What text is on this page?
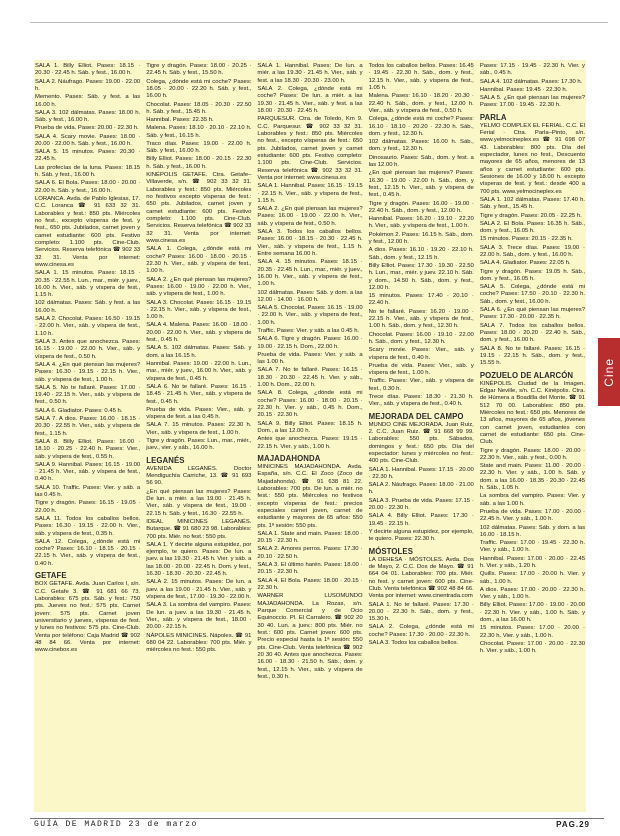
SALA 1. Billy Elliot. Pases: 18.15 · 20.30 · 22.45 h. Sáb. y fest., 16.00 h.

SALA 2. Náufrago. Pases: 19.00 · 22.00 h.

Memento. Pases: Sáb. y fest. a las 16.00 h.

SALA 3. 102 dálmatas. Pases: 18.00 h. Sáb. y fest., 16.00 h.

Prueba de vida. Pases: 20.00 · 22.30 h.

SALA 4. Scary movie. Pases: 18.00 · 20.00 · 22.00 h. Sáb. y fest., 16.00 h.

SALA 5. 15 minutos. Pases: 20.30 · 22.45 h.

Las profecías de la luna. Pases: 18.15 h. Sáb. y fest., 16.00 h.

SALA 6. El Bola. Pases: 18.00 · 20.00 · 22.00 h. Sáb. y fest., 16.00 h.

LORANCA. Avda. de Pablo Iglesias, 17. C.C. Loranca ☎ 91 633 32 31. Laborables y fest.: 850 pts. Miércoles no fest., excepto vísperas de fest. y fest., 650 pts. Jubilados, carnet joven y carnet estudiante: 600 pts. Festivo completo: 1.100 pts. Cine-Club. Servicios. Reserva telefónica ☎ 902 33 32 31. Venta por internet: www.cinesa.es

SALA 1. 15 minutos. Pases: 18.15 · 20.35 · 22.55 h. Lun., mar., miér. y juev., 16.00 h. Vier., sáb. y víspera de fest., 1.15 h.

102 dálmatas. Pases: Sáb. y fest. a las 16.00 h.

SALA 2. Chocolat. Pases: 16.50 · 19.15 · 22.00 h. Vier., sáb. y víspera de fest., 1.10 h.

SALA 3. Antes que anochezca. Pases: 16.15 · 19.00 · 22.00 h. Vier., sáb. y víspera de fest., 0.50 h.

SALA 4. ¿En qué piensan las mujeres? Pases: 16.30 · 19.15 · 22.15 h. Vier., sáb. y víspera de fest., 1.00 h.

SALA 5. No te fallaré. Pases: 17.00 · 19.40 · 22.15 h. Vier., sáb. y víspera de fest., 0.50 h.

SALA 6. Gladiator. Pases: 0.45 h.

SALA 7. A dios. Pases: 16.00 · 18.15 · 20.30 · 22.55 h. Vier., sáb. y víspera de fest., 1.15 h.

SALA 8. Billy Elliot. Pases: 16.00 · 18.10 · 20.25 · 22.40 h. Pases: Vier., sáb. y víspera de fest., 0.55 h.

SALA 9. Hannibal. Pases: 16.15 · 19.00 · 21.45 h. Vier., sáb. y víspera de fest., 0.40 h.

SALA 10. Traffic. Pases: Vier. y sáb. a las 0.45 h.

Tigre y dragón. Pases: 16.15 · 19.05 · 22.00 h.

SALA 11. Todos los caballos bellos. Pases: 16.30 · 19.15 · 22.00 h. Vier., sáb. y víspera de fest., 0.35 h.

SALA 12. Colega, ¿dónde está mi coche? Pases: 16.10 · 18.15 · 20.15 · 22.15 h. Vier., sáb. y víspera de fest., 0.40 h.

GETAFE

BOX GETAFE. Avda. Juan Carlos I, s/n. C.C. Getafe 3. ☎ 91 681 66 73. Laborables: 675 pts. Sáb. y fest.: 750 pts. Jueves no fest.: 575 pts. Carnet joven: 575 pts. Carnet joven universitario y jueves, vísperas de fest. y lunes no festivos: 575 pts. Cine-Club. Venta por teléfono: Caja Madrid ☎ 902 48 84 66. Venta por internet: www.cinebox.es

Tigre y dragón. Pases: 18.00 · 20.25 · 22.45 h. Sáb. y fest., 15.50 h.

Colega, ¿dónde está mi coche? Pases: 18.05 · 20.00 · 22.20 h. Sáb. y fest., 16.00 h.

Chocolat. Pases: 18.05 · 20.30 · 22.50 h. Sáb. y fest., 15.45 h.

Hannibal. Pases: 22.35 h.

Malena. Pases: 18.10 · 20.10 · 22.10 h. Sáb. y fest., 16.15 h.

Traco días. Pases: 19.00 · 22.00 h. Sáb. y fest., 16.00 h.

Billy Elliot. Pases: 18.00 · 20.15 · 22.30 h. Sáb. y fest., 16.00 h.

KINÉPOLIS GETAFE. Ctra. Getafe–Villaverde, s/n. ☎ 902 33 32 31. Laborables y fest.: 850 pts. Miércoles no festivos excepto vísperas de fest.: 650 pts. Jubilados, carnet joven y carnet estudiante: 600 pts. Festivo completo: 1.100 pts. Cine-Club. Servicios. Reserva telefónica ☎ 902 33 32 31. Venta por internet: www.cinesa.es

SALA 1. Colega, ¿dónde está mi coche? Pases: 16.00 · 18.00 · 20.15 · 22.30 h. Vier., sáb. y víspera de fest., 1.00 h.

SALA 2. ¿En qué piensan las mujeres? Pases: 16.00 · 19.00 · 22.00 h. Vier., sáb. y víspera de fest., 1.00 h.

SALA 3. Chocolat. Pases: 16.15 · 19.15 · 22.15 h. Vier., sáb. y víspera de fest., 1.00 h.

SALA 4. Malena. Pases: 16.00 · 18.00 · 20.00 · 22.00 h. Vier., sáb. y víspera de fest., 0.45 h.

SALA 5. 102 dálmatas. Pases: Sáb. y dom. a las 16.15 h.

Hannibal. Pases: 19.00 · 22.00 h. Lun., mar., miér. y juev., 16.00 h. Vier., sáb. y víspera de fest., 0.45 h.

SALA 6. No te fallaré. Pases: 16.15 · 18.45 · 21.45 h. Vier., sáb. y víspera de fest., 0.45 h.

Prueba de vida. Pases: Vier., sáb. y víspera de fest. a las 0.45 h.

SALA 7. 15 minutos. Pases: 22.30 h. Vier., sáb. y víspera de fest., 1.00 h.

Tigre y dragón. Pases: Lun., mar., miér., juev., vier. y sáb., 16.00 h.

LEGANÉS

AVENIDA LEGANÉS. Doctor Mendiguchía Carriche, 13. ☎ 91 693 56 90.

¿En qué piensan las mujeres? Pases: De lun. a miér. a las 19.00 · 21.45 h. Vier., sáb. y víspera de fest., 19.00 · 22.15 h. Sáb. y fest., 16.30 · 22.55 h.

IDEAL MINICINES LEGANÉS. Butarque. ☎ 91 680 23 98. Laborables: 700 pts. Miér. no fest.: 550 pts.

SALA 1. Y decirte alguna estupidez, por ejemplo, te quiero. Pases: De lun. a juev. a las 19.30 · 21.45 h. Vier. y sáb. a las 18.00 · 20.00 · 22.45 h. Dom. y fest., 16.30 · 18.30 · 20.30 · 22.45 h.

SALA 2. 15 minutos. Pases: De lun. a juev. a las 19.00 · 21.45 h. Vier., sáb. y víspera de fest., 17.00 · 19.30 · 22.00 h.

SALA 3. La sombra del vampiro. Pases: De lun. a juev. a las 19.30 · 21.45 h. Vier., sáb. y víspera de fest., 18.00 · 20.00 · 22.15 h.

NÁPOLES MINICINES. Nápoles. ☎ 91 680 04 22. Laborables: 700 pts. Miér. y miércoles no fest.: 550 pts.

SALA 1. Hannibal. Pases: De lun. a miér. a las 19.30 · 21.45 h. Vier., sáb. y fest. a las 18.30 · 20.30 · 23.00 h.

SALA 2. Colega, ¿dónde está mi coche? Pases: De lun. a miér. a las 19.30 · 21.45 h. Vier., sáb. y fest. a las 18.00 · 20.30 · 22.45 h.

PARQUESUR. Ctra. de Toledo, Km 9. C.C. Parquesur. ☎ 902 33 32 31. Laborables y fest.: 850 pts. Miércoles no fest., excepto vísperas de fest.: 650 pts. Jubilados, carnet joven y carnet estudiante: 600 pts. Festivo completo: 1.100 pts. Cine-Club. Servicios. Reserva telefónica ☎ 902 33 32 31. Venta por internet: www.cinesa.es

SALA 1. Hannibal. Pases: 16.15 · 19.15 · 22.15 h. Vier., sáb. y víspera de fest., 1.15 h.

SALA 2. ¿En qué piensan las mujeres? Pases: 16.00 · 19.00 · 22.00 h. Vier., sáb. y víspera de fest., 0.50 h.

SALA 3. Todos los caballos bellos. Pases: 16.00 · 18.15 · 20.30 · 22.45 h. Vier., sáb. y víspera de fest., 1.15 h. Entre semana 16.00 h.

SALA 4. 15 minutos. Pases: 18.15 · 20.35 · 22.45 h. Lun., mar., miér. y juev., 16.00 h. Vier., sáb. y víspera de fest., 1.00 h.

102 dálmatas. Pases: Sáb. y dom. a las 12.00 · 14.00 · 16.00 h.

SALA 5. Chocolat. Pases: 16.15 · 19.00 · 22.00 h. Vier., sáb. y víspera de fest., 1.00 h.

Traffic. Pases: Vier. y sáb. a las 0.45 h.

SALA 6. Tigre y dragón. Pases: 16.00 · 19.00 · 22.15 h. Dom., 22.00 h.

Prueba de vida. Pases: Vier. y sáb. a las 1.00 h.

SALA 7. No te fallaré. Pases: 16.15 · 18.30 · 20.30 · 22.45 h. Vier. y sáb., 1.00 h. Dom., 22.00 h.

SALA 8. Colega, ¿dónde está mi coche? Pases: 16.00 · 18.00 · 20.15 · 22.30 h. Vier. y sáb., 0.45 h. Dom., 20.15 · 22.30 h.

SALA 9. Billy Elliot. Pases: 18.15 h. Dom., a las 12.00 h.

Antes que anochezca. Pases: 19.15 · 22.15 h. Vier. y sáb., 1.00 h.

MAJADAHONDA

MINICINES MAJADAHONDA. Avda. España, s/n. C.C. El Zoco (Zoco de Majadahonda). ☎ 91 638 81 22. Laborables: 700 pts. De lun. a miér. no fest.: 550 pts. Miércoles no festivos excepto vísperas de fest.: precios especiales carnet joven, carnet de estudiante y mayores de 65 años: 550 pts. 1ª sesión: 550 pts.

SALA 1. State and main. Pases: 18.00 · 20.15 · 22.30 h.

SALA 2. Amores perros. Pases: 17.30 · 20.10 · 22.50 h.

SALA 3. El último harén. Pases: 18.00 · 20.15 · 22.30 h.

SALA 4. El Bola. Pases: 18.00 · 20.15 · 22.30 h.

WARNER LUSOMUNDO MAJADAHONDA. La Rozas, s/n. Parque Comercial y de Ocio Equinoccio. Pl. El Carralero. ☎ 902 20 30 40. Lun. a juev.: 800 pts. Miér. no fest.: 600 pts. Carnet joven: 600 pts. Precio especial hasta la 1ª sesión: 550 pts. Cine-Club. Venta telefónica ☎ 902 20 30 40. Antes que anochezca. Pases: 16.00 · 18.30 · 21.50 h. Sáb., dom. y fest., 12.15 h. Vier., sáb. y víspera de fest., 0.30 h.

Todos los caballos bellos. Pases: 16.45 · 19.45 · 22.30 h. Sáb., dom. y fest., 12.15 h. Vier., sáb. y víspera de fest., 1.05 h.

Malena. Pases: 16.10 · 18.20 · 20.30 · 22.40 h. Sáb., dom. y fest., 12.00 h. Vier., sáb. y víspera de fest., 0.50 h.

Colega, ¿dónde está mi coche? Pases: 16.10 · 18.10 · 20.20 · 22.30 h. Sáb., dom. y fest., 12.30 h.

102 dálmatas. Pases: 16.00 h. Sáb., dom. y fest., 12.30 h.

Dinosaurio. Pases: Sáb., dom. y fest. a las 12.00 h.

¿En qué piensan las mujeres? Pases: 16.30 · 19.00 · 22.00 h. Sáb., dom. y fest., 12.15 h. Vier., sáb. y víspera de fest., 0.45 h.

Tigre y dragón. Pases: 16.00 · 19.00 · 22.40 h. Sáb., dom. y fest., 12.00 h.

Hannibal. Pases: 16.20 · 19.10 · 22.20 h. Vier., sáb. y víspera de fest., 1.00 h.

Pokémon 2. Pases: 16.15 h. Sáb., dom. y fest., 12.00 h.

A dios. Pases: 16.10 · 19.20 · 22.10 h. Sáb., dom. y fest., 12.15 h.

Billy Elliot. Pases: 17.30 · 19.30 · 22.50 h. Lun., mar., miér. y juev. 22.10 h. Sáb. y dom., 14.50 h. Sáb., dom. y fest., 12.00 h.

15 minutos. Pases: 17.40 · 20.10 · 22.40 h.

No te fallaré. Pases: 16.20 · 19.00 · 22.15 h. Vier., sáb. y víspera de fest., 1.00 h. Sáb., dom. y fest., 12.30 h.

Chocolat. Pases: 16.00 · 19.10 · 22.00 h. Sáb., dom. y fest., 12.30 h.

Scary movie. Pases: Vier., sáb. y víspera de fest., 0.40 h.

Prueba de vida. Pases: Vier., sáb. y víspera de fest., 1.00 h.

Traffic. Pases: Vier., sáb. y víspera de fest., 0.30 h.

Trece días. Pases: 18.30 · 21.30 h. Vier., sáb. y víspera de fest., 0.40 h.

MEJORADA DEL CAMPO

MUNDO CINE MEJORADA. Juan Ruiz, 2. C.C. Juan Ruiz. ☎ 91 668 99 99. Laborables: 550 pts. Sábados, domingos y fest.: 650 pts. Día del espectador: lunes y miércoles no fest.: 400 pts. Cine-Club.

SALA 1. Hannibal. Pases: 17.15 · 20.00 · 22.30 h.

SALA 2. Náufrago. Pases: 18.00 · 21.00 h.

SALA 3. Prueba de vida. Pases: 17.15 · 20.00 · 22.30 h.

SALA 4. Billy Elliot. Pases: 17.30 · 19.45 · 22.15 h.

Y decirte alguna estupidez, por ejemplo, te quiero. Pases: 22.30 h.

MÓSTOLES

LA DEHESA · MÓSTOLES. Avda. Dos de Mayo, 2. C.C. Dos de Mayo. ☎ 91 664 04 01. Laborables: 700 pts. Miér. no fest. y carnet joven: 600 pts. Cine-Club. Venta telefónica ☎ 902 48 84 66. Venta por internet: www.cinentrada.com

SALA 1. No te fallaré. Pases: 17.30 · 20.00 · 22.30 h. Sáb., dom. y fest., 15.30 h.

SALA 2. Colega, ¿dónde está mi coche? Pases: 17.30 · 20.00 · 22.30 h.

SALA 3. Todos los caballos bellos.

Pases: 17.15 · 19.45 · 22.30 h. Vier. y sáb., 0.45 h.

SALA 4. 102 dálmatas. Pases: 17.30 h.

Hannibal. Pases: 19.45 · 22.30 h.

SALA 5. ¿En qué piensan las mujeres? Pases: 17.00 · 19.45 · 22.30 h.

PARLA

YELMO COMPLEX EL FERIAL. C.C. El Ferial · Ctra. Parla–Pinto, s/n. www.yelmocineplex.es ☎ 91 698 07 43. Laborables: 800 pts. Día del espectador, lunes no fest., Descuento mayores de 65 años, menores de 13 años y carnet estudiante: 600 pts. Sesiones de 16.00 y 18.00 h. excepto vísperas de fest. y fest.: desde 400 a 700 pts. www.yelmocineplex.es

SALA 1. 102 dálmatas. Pases: 17.40 h. Sáb. y fest., 15.45 h.

Tigre y dragón. Pases: 20.05 · 22.25 h.

SALA 2. El Bola. Pases: 16.35 h. Sáb., dom. y fest., 16.05 h.

15 minutos. Pases: 20.15 · 22.35 h.

SALA 3. Trece días. Pases: 19.00 · 22.00 h. Sáb., dom. y fest., 16.00 h.

SALA 4. Gladiator. Pases: 22.05 h.

Tigre y dragón. Pases: 19.05 h. Sáb., dom. y fest., 16.05 h.

SALA 5. Colega, ¿dónde está mi coche? Pases: 17.50 · 20.10 · 22.30 h. Sáb., dom. y fest., 16.00 h.

SALA 6. ¿En qué piensan las mujeres? Pases: 17.30 · 20.00 · 22.35 h.

SALA 7. Todos los caballos bellos. Pases: 18.00 · 20.20 · 22.40 h. Sáb., dom. y fest., 16.00 h.

SALA 8. No te fallaré. Pases: 16.15 · 19.15 · 22.15 h. Sáb., dom. y fest., 15.55 h.

POZUELO DE ALARCÓN

KINÉPOLIS. Ciudad de la Imagen. Edgar Neville, s/n. C.C. Kinépolis. Ctra. de Húmera a Boadilla del Monte. ☎ 91 512 70 00. Laborables: 850 pts. Miércoles no fest.: 650 pts. Menores de 13 años, mayores de 65 años, jóvenes con carnet joven, estudiantes con carnet de estudiante: 650 pts. Cine-Club.

Tigre y dragón. Pases: 18.00 · 20.00 · 22.30 h. Vier., sáb. y fest., 0.00 h.

State and main. Pases: 11.00 · 20.00 · 22.30 h. Vier. y sáb., 1.00 h. Sáb. y dom. a las 16.00 · 18.35 · 20.30 · 22.45 h. Sáb., 1.05 h.

La sombra del vampiro. Pases: Vier. y sáb. a las 1.00 h.

Prueba de vida. Pases: 17.00 · 20.00 · 22.45 h. Vier. y sáb., 1.00 h.

102 dálmatas. Pases: Sáb. y dom. a las 16.00 · 18.15 h.

Traffic. Pases: 17.00 · 19.45 · 22.30 h. Vier. y sáb., 1.00 h.

Hannibal. Pases: 17.00 · 20.00 · 22.45 h. Vier. y sáb., 1.20 h.

Quills. Pases: 17.00 · 20.00 h. Vier. y sáb., 1.00 h.

A dios. Pases: 17.00 · 20.00 · 22.30 h. Vier. y sáb., 1.00 h.

Billy Elliot. Pases: 17.00 · 19.00 · 20.00 · 22.30 h. Vier. y sáb., 1.00 h. Sáb. y dom., a las 16.00 h.

15 minutos. Pases: 17.00 · 20.00 · 22.30 h. Vier. y sáb., 1.00 h.

Chocolat. Pases: 17.00 · 20.00 · 22.30 h. Vier. y sáb., 1.00 h.

Cine
GUÍA DE MADRID 23 de marzo	PAG.29
